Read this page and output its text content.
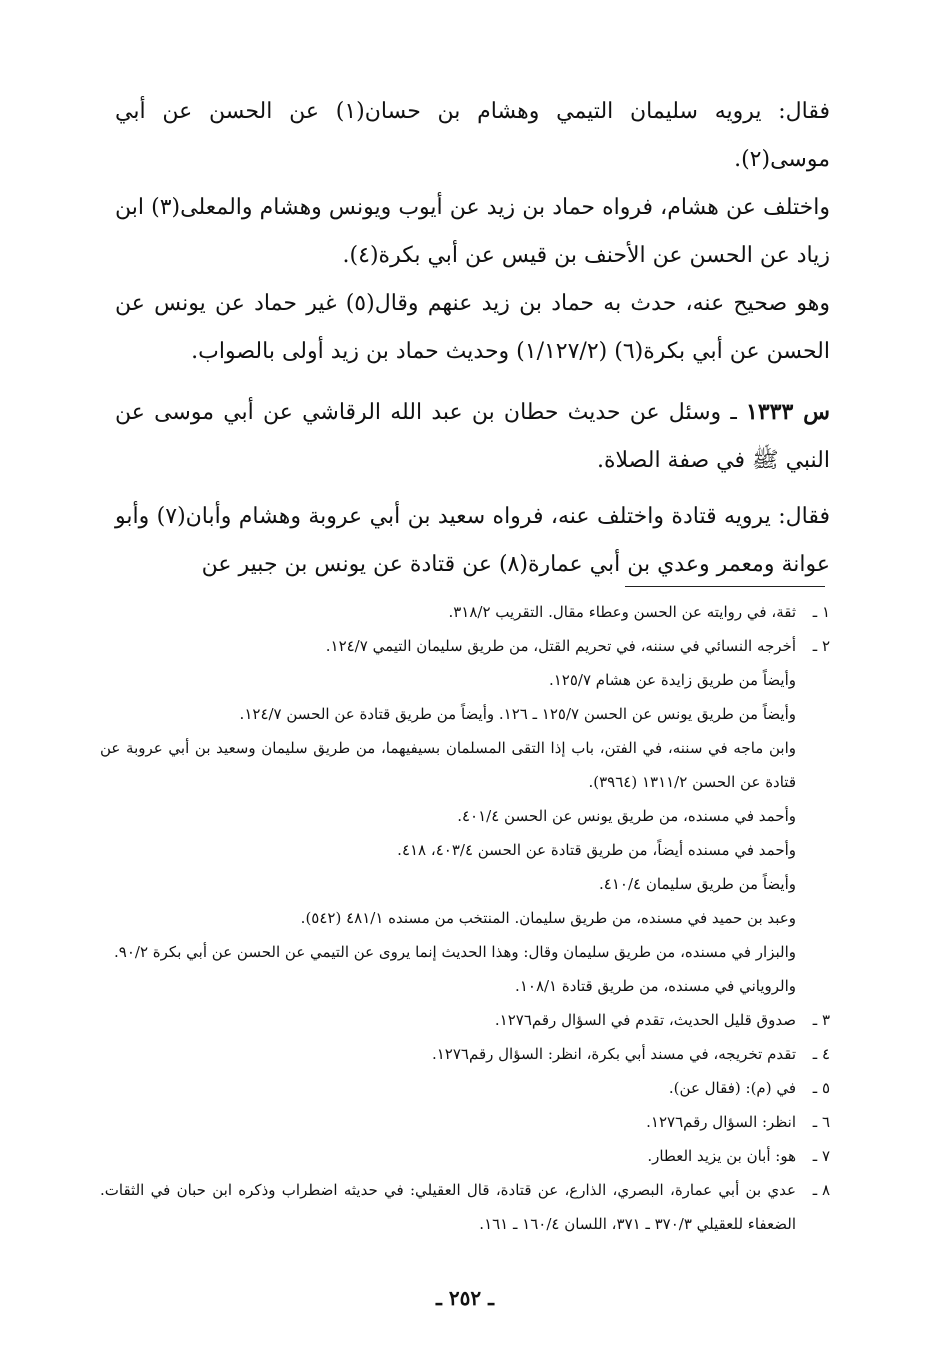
فقال: يرويه سليمان التيمي وهشام بن حسان(١) عن الحسن عن أبي موسى(٢).

واختلف عن هشام، فرواه حماد بن زيد عن أيوب ويونس وهشام والمعلى(٣) ابن زياد عن الحسن عن الأحنف بن قيس عن أبي بكرة(٤).

وهو صحيح عنه، حدث به حماد بن زيد عنهم وقال(٥) غير حماد عن يونس عن الحسن عن أبي بكرة(٦) (١/١٢٧/٢) وحديث حماد بن زيد أولى بالصواب.

س ١٣٣٣ ـ وسئل عن حديث حطان بن عبد الله الرقاشي عن أبي موسى عن النبي ﷺ في صفة الصلاة.

فقال: يرويه قتادة واختلف عنه، فرواه سعيد بن أبي عروبة وهشام وأبان(٧) وأبو عوانة ومعمر وعدي بن أبي عمارة(٨) عن قتادة عن يونس بن جبير عن

١ ـ
ثقة، في روايته عن الحسن وعطاء مقال. التقريب ٣١٨/٢.
٢ ـ
أخرجه النسائي في سننه، في تحريم القتل، من طريق سليمان التيمي ١٢٤/٧.
وأيضاً من طريق زايدة عن هشام ١٢٥/٧.
وأيضاً من طريق يونس عن الحسن ١٢٥/٧ ـ ١٢٦. وأيضاً من طريق قتادة عن الحسن ١٢٤/٧.
وابن ماجه في سننه، في الفتن، باب إذا التقى المسلمان بسيفيهما، من طريق سليمان وسعيد بن أبي عروبة عن قتادة عن الحسن ١٣١١/٢ (٣٩٦٤).
وأحمد في مسنده، من طريق يونس عن الحسن ٤٠١/٤.
وأحمد في مسنده أيضاً، من طريق قتادة عن الحسن ٤٠٣/٤، ٤١٨.
وأيضاً من طريق سليمان ٤١٠/٤.
وعبد بن حميد في مسنده، من طريق سليمان. المنتخب من مسنده ٤٨١/١ (٥٤٢).
والبزار في مسنده، من طريق سليمان وقال: وهذا الحديث إنما يروى عن التيمي عن الحسن عن أبي بكرة ٩٠/٢.
والروياني في مسنده، من طريق قتادة ١٠٨/١.
٣ ـ
صدوق قليل الحديث، تقدم في السؤال رقم١٢٧٦.
٤ ـ
تقدم تخريجه، في مسند أبي بكرة، انظر: السؤال رقم١٢٧٦.
٥ ـ
في (م): (فقال عن).
٦ ـ
انظر: السؤال رقم١٢٧٦.
٧ ـ
هو: أبان بن يزيد العطار.
٨ ـ
عدي بن أبي عمارة، البصري، الذارع، عن قتادة، قال العقيلي: في حديثه اضطراب وذكره ابن حبان في الثقات. الضعفاء للعقيلي ٣٧٠/٣ ـ ٣٧١، اللسان ١٦٠/٤ ـ ١٦١.
ـ ٢٥٢ ـ
